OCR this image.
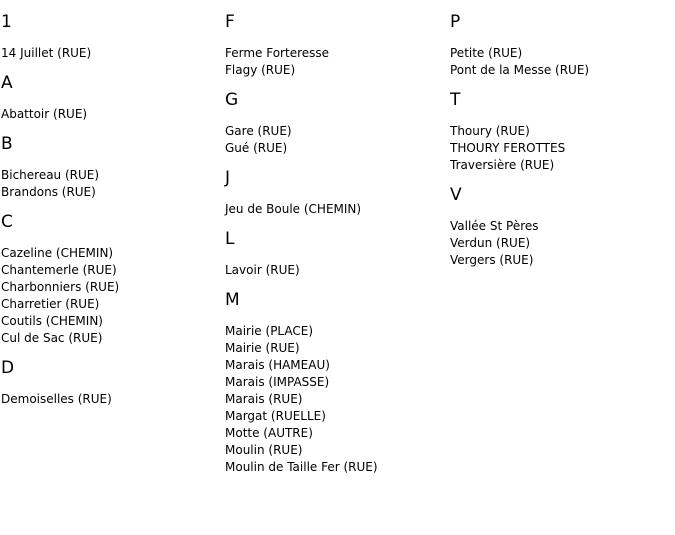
1
14 Juillet (RUE)
A
Abattoir (RUE)
B
Bichereau (RUE)
Brandons (RUE)
C
Cazeline (CHEMIN)
Chantemerle (RUE)
Charbonniers (RUE)
Charretier (RUE)
Coutils (CHEMIN)
Cul de Sac (RUE)
D
Demoiselles (RUE)
F
Ferme Forteresse
Flagy (RUE)
G
Gare (RUE)
Gué (RUE)
J
Jeu de Boule (CHEMIN)
L
Lavoir (RUE)
M
Mairie (PLACE)
Mairie (RUE)
Marais (HAMEAU)
Marais (IMPASSE)
Marais (RUE)
Margat (RUELLE)
Motte (AUTRE)
Moulin (RUE)
Moulin de Taille Fer (RUE)
P
Petite (RUE)
Pont de la Messe (RUE)
T
Thoury (RUE)
THOURY FEROTTES
Traversière (RUE)
V
Vallée St Pères
Verdun (RUE)
Vergers (RUE)
